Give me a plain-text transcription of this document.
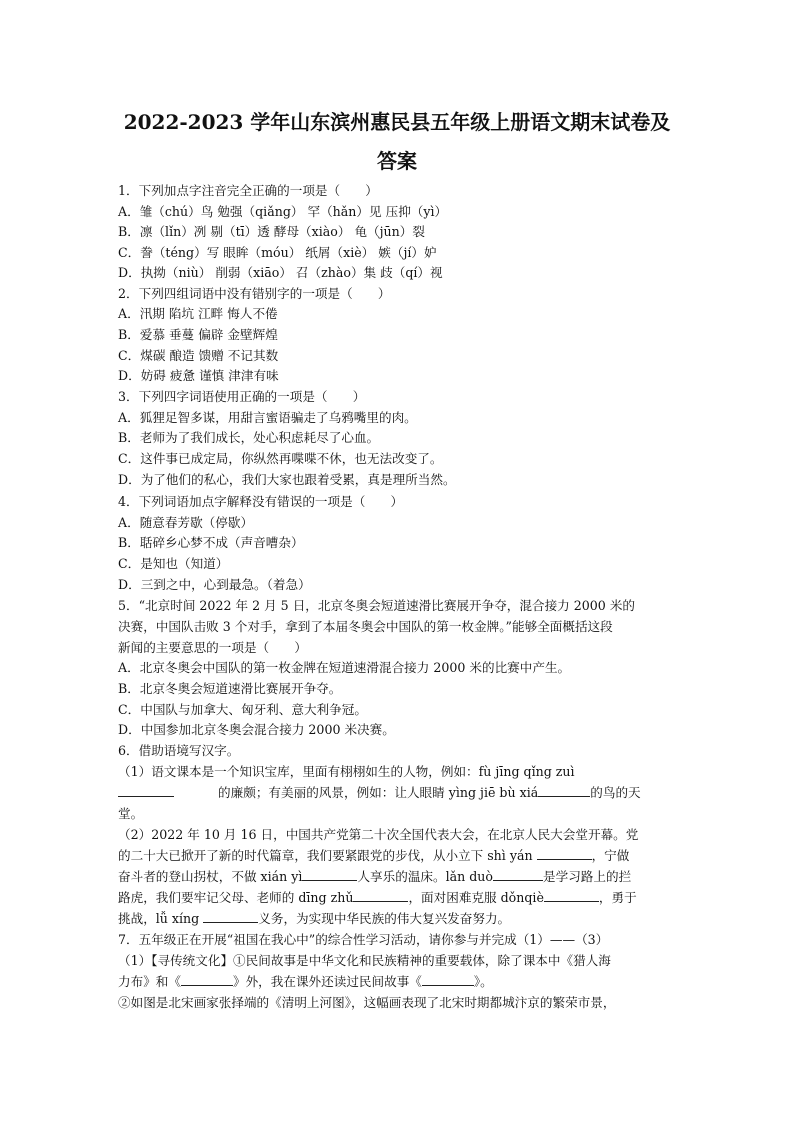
2022-2023 学年山东滨州惠民县五年级上册语文期末试卷及
答案
1．下列加点字注音完全正确的一项是（　　）
A．雏（chú）鸟 勉强（qiǎng） 罕（hǎn）见 压抑（yì）
B．凛（lǐn）冽 剔（tī）透 酵母（xiào） 龟（jūn）裂
C．誊（téng）写 眼眸（móu） 纸屑（xiè） 嫉（jí）妒
D．执拗（niù） 削弱（xiāo） 召（zhào）集 歧（qí）视
2．下列四组词语中没有错别字的一项是（　　）
A．汛期 陷坑 江畔 悔人不倦
B．爱慕 垂蔓 偏辟 金壁辉煌
C．煤碳 酿造 馈赠 不记其数
D．妨碍 疲惫 谨慎 津津有味
3．下列四字词语使用正确的一项是（　　）
A．狐狸足智多谋，用甜言蜜语骗走了乌鸦嘴里的肉。
B．老师为了我们成长，处心积虑耗尽了心血。
C．这件事已成定局，你纵然再喋喋不休，也无法改变了。
D．为了他们的私心，我们大家也跟着受累，真是理所当然。
4．下列词语加点字解释没有错误的一项是（　　）
A．随意春芳歇（停歇）
B．聒碎乡心梦不成（声音嘈杂）
C．是知也（知道）
D．三到之中，心到最急。（着急）
5．“北京时间 2022 年 2 月 5 日，北京冬奥会短道速滑比赛展开争夺，混合接力 2000 米的
决赛，中国队击败 3 个对手，拿到了本届冬奥会中国队的第一枚金牌。”能够全面概括这段
新闻的主要意思的一项是（　　）
A．北京冬奥会中国队的第一枚金牌在短道速滑混合接力 2000 米的比赛中产生。
B．北京冬奥会短道速滑比赛展开争夺。
C．中国队与加拿大、匈牙利、意大利争冠。
D．中国参加北京冬奥会混合接力 2000 米决赛。
6．借助语境写汉字。
（1）语文课本是一个知识宝库，里面有栩栩如生的人物，例如：fù jīng qǐng zuì
的廉颇；有美丽的风景，例如：让人眼睛 yìng jiē bù xiá	的鸟的天
堂。
（2）2022 年 10 月 16 日，中国共产党第二十次全国代表大会，在北京人民大会堂开幕。党
的二十大已掀开了新的时代篇章，我们要紧跟党的步伐，从小立下 shì yán	，宁做
奋斗者的登山拐杖，不做 xián yì	人享乐的温床。lǎn duò	是学习路上的拦
路虎，我们要牢记父母、老师的 dīng zhǔ	，面对困难克服 dǒnqiè	，勇于
挑战，lǚ xíng	义务，为实现中华民族的伟大复兴发奋努力。
7．五年级正在开展“祖国在我心中”的综合性学习活动，请你参与并完成（1）——（3）
（1）【寻传统文化】①民间故事是中华文化和民族精神的重要载体，除了课本中《猎人海
力布》和《	》外，我在课外还读过民间故事《	》。
②如图是北宋画家张择端的《清明上河图》，这幅画表现了北宋时期都城汴京的繁荣市景，
